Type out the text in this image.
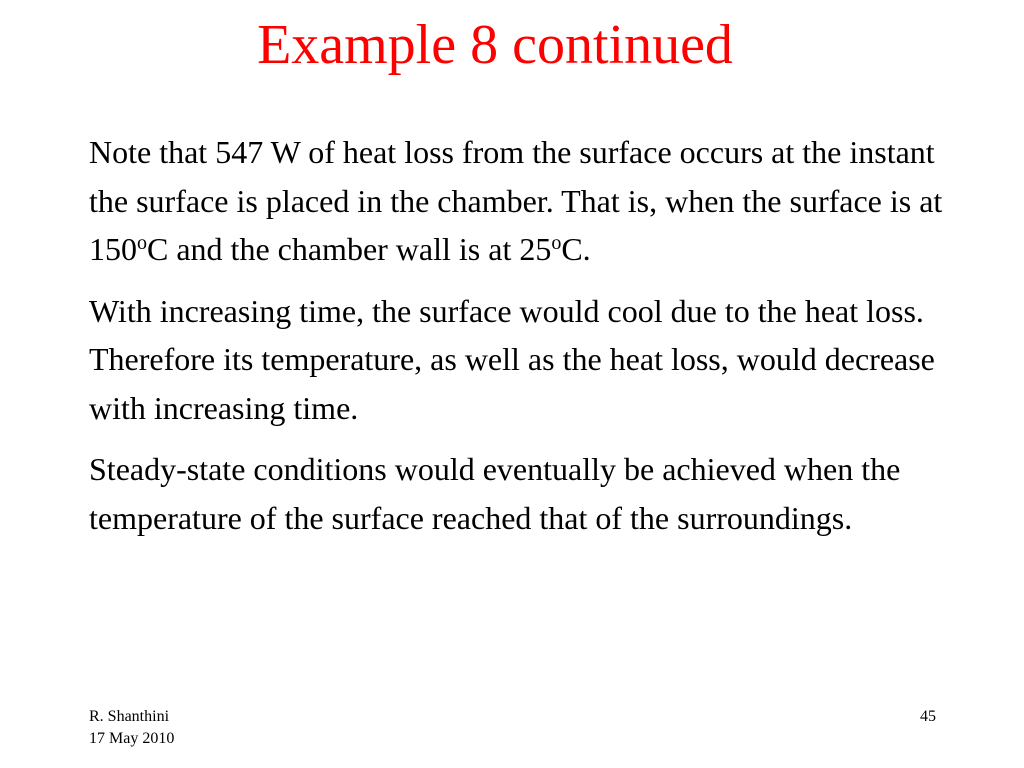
Example 8 continued

Note that 547 W of heat loss from the surface occurs at the instant the surface is placed in the chamber. That is, when the surface is at 150$^o$C and the chamber wall is at 25$^o$C.

With increasing time, the surface would cool due to the heat loss. Therefore its temperature, as well as the heat loss, would decrease with increasing time.

Steady-state conditions would eventually be achieved when the temperature of the surface reached that of the surroundings.

R. Shanthini
17 May 2010
45
